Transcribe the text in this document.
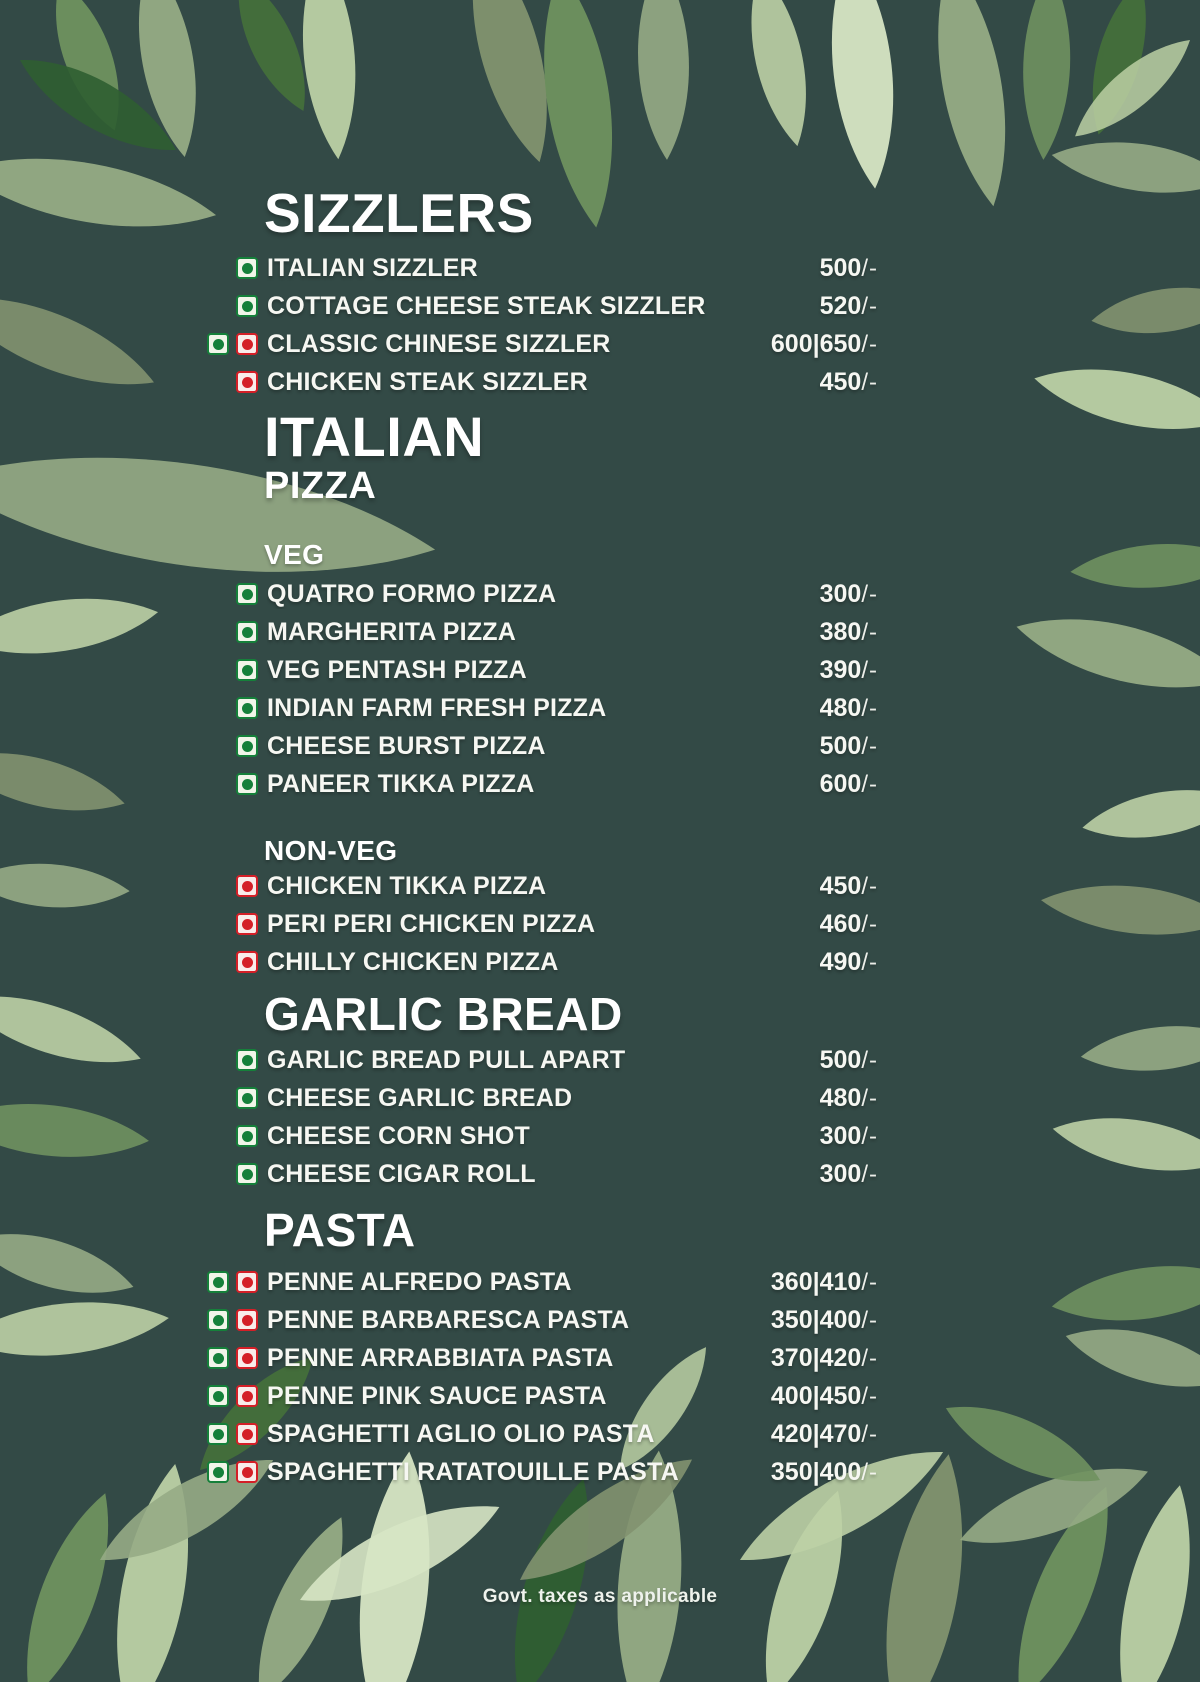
SIZZLERS
ITALIAN SIZZLER	500/-
COTTAGE CHEESE STEAK SIZZLER	520/-
CLASSIC CHINESE SIZZLER	600|650/-
CHICKEN STEAK SIZZLER	450/-
ITALIAN
PIZZA
VEG
QUATRO FORMO PIZZA	300/-
MARGHERITA PIZZA	380/-
VEG PENTASH PIZZA	390/-
INDIAN FARM FRESH PIZZA	480/-
CHEESE BURST PIZZA	500/-
PANEER TIKKA PIZZA	600/-
NON-VEG
CHICKEN TIKKA PIZZA	450/-
PERI PERI CHICKEN PIZZA	460/-
CHILLY CHICKEN PIZZA	490/-
GARLIC BREAD
GARLIC BREAD PULL APART	500/-
CHEESE GARLIC BREAD	480/-
CHEESE CORN SHOT	300/-
CHEESE CIGAR ROLL	300/-
PASTA
PENNE ALFREDO PASTA	360|410/-
PENNE BARBARESCA PASTA	350|400/-
PENNE ARRABBIATA PASTA	370|420/-
PENNE PINK SAUCE PASTA	400|450/-
SPAGHETTI AGLIO OLIO PASTA	420|470/-
SPAGHETTI RATATOUILLE PASTA	350|400/-
Govt. taxes as applicable
